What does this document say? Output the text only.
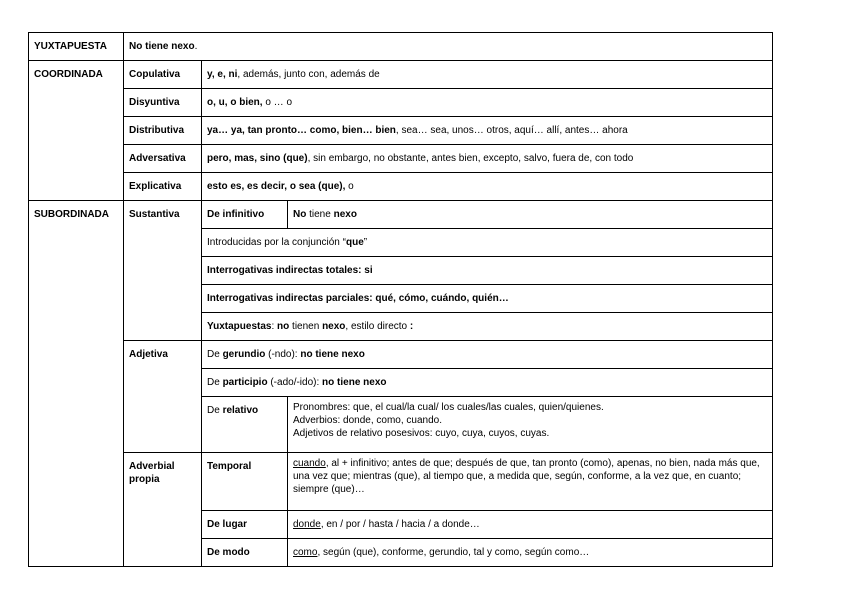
YUXTAPUESTA	No tiene nexo.		
COORDINADA	Copulativa	y, e, ni, además, junto con, además de	
	Disyuntiva	o, u, o bien, o … o	
	Distributiva	ya… ya, tan pronto… como, bien… bien, sea… sea, unos… otros, aquí… allí, antes… ahora	
	Adversativa	pero, mas, sino (que), sin embargo, no obstante, antes bien, excepto, salvo, fuera de, con todo	
	Explicativa	esto es, es decir, o sea (que), o	
SUBORDINADA	Sustantiva	De infinitivo	No tiene nexo
		Introducidas por la conjunción “que”	
		Interrogativas indirectas totales: si	
		Interrogativas indirectas parciales: qué, cómo, cuándo, quién…	
		Yuxtapuestas: no tienen nexo, estilo directo :	
	Adjetiva	De gerundio (-ndo): no tiene nexo	
		De participio (-ado/-ido): no tiene nexo	
		De relativo	Pronombres: que, el cual/la cual/ los cuales/las cuales, quien/quienes.
Adverbios: donde, como, cuando.
Adjetivos de relativo posesivos: cuyo, cuya, cuyos, cuyas.

	Adverbial propia	Temporal	cuando, al + infinitivo; antes de que; después de que, tan pronto (como), apenas, no bien, nada más que, una vez que; mientras (que), al tiempo que, a medida que, según, conforme, a la vez que, en cuanto; siempre (que)…
		De lugar	donde, en / por / hasta / hacia / a donde…
		De modo	como, según (que), conforme, gerundio, tal y como, según como…
